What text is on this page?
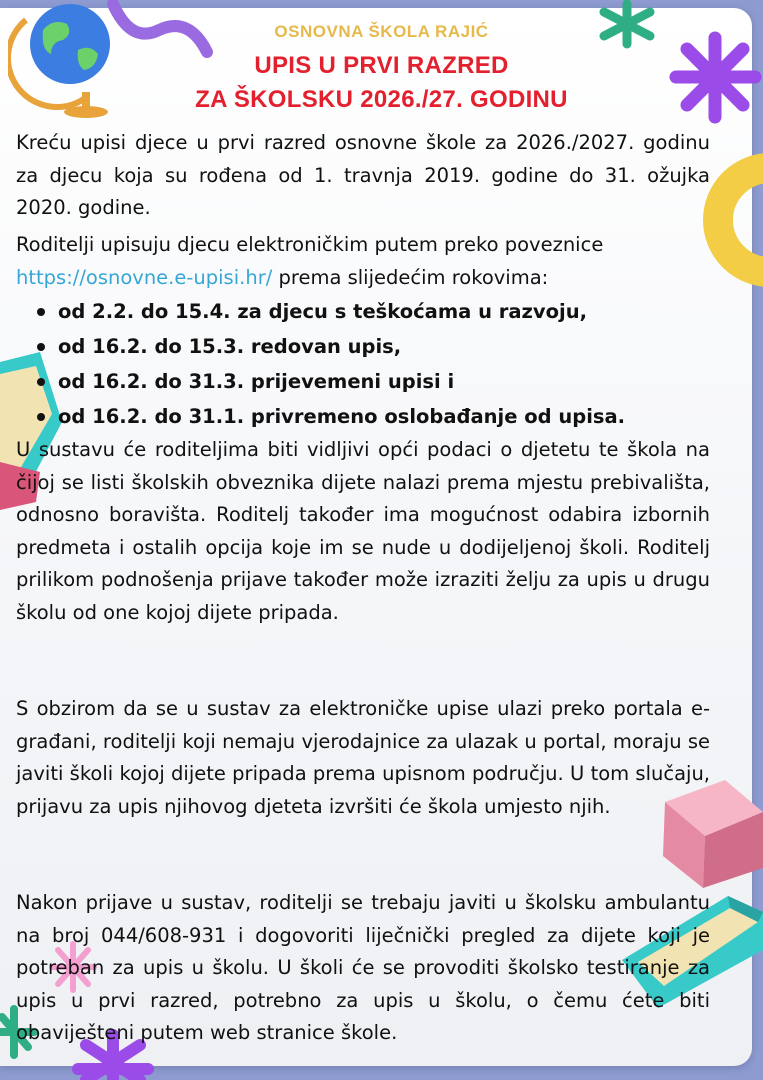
OSNOVNA ŠKOLA RAJIĆ
UPIS U PRVI RAZRED
ZA ŠKOLSKU 2026./27. GODINU
Kreću upisi djece u prvi razred osnovne škole za 2026./2027. godinu za djecu koja su rođena od 1. travnja 2019. godine do 31. ožujka 2020. godine.
Roditelji upisuju djecu elektroničkim putem preko poveznice https://osnovne.e-upisi.hr/ prema slijedećim rokovima:
od 2.2. do 15.4. za djecu s teškoćama u razvoju,
od 16.2. do 15.3. redovan upis,
od 16.2. do 31.3. prijevemeni upisi i
od 16.2. do 31.1. privremeno oslobađanje od upisa.
U sustavu će roditeljima biti vidljivi opći podaci o djetetu te škola na čijoj se listi školskih obveznika dijete nalazi prema mjestu prebivališta, odnosno boravišta. Roditelj također ima mogućnost odabira izbornih predmeta i ostalih opcija koje im se nude u dodijeljenoj školi. Roditelj prilikom podnošenja prijave također može izraziti želju za upis u drugu školu od one kojoj dijete pripada.
S obzirom da se u sustav za elektroničke upise ulazi preko portala e-građani, roditelji koji nemaju vjerodajnice za ulazak u portal, moraju se javiti školi kojoj dijete pripada prema upisnom području. U tom slučaju, prijavu za upis njihovog djeteta izvršiti će škola umjesto njih.
Nakon prijave u sustav, roditelji se trebaju javiti u školsku ambulantu na broj 044/608-931 i dogovoriti liječnički pregled za dijete koji je potreban za upis u školu. U školi će se provoditi školsko testiranje za upis u prvi razred, potrebno za upis u školu, o čemu ćete biti obaviješteni putem web stranice škole.
